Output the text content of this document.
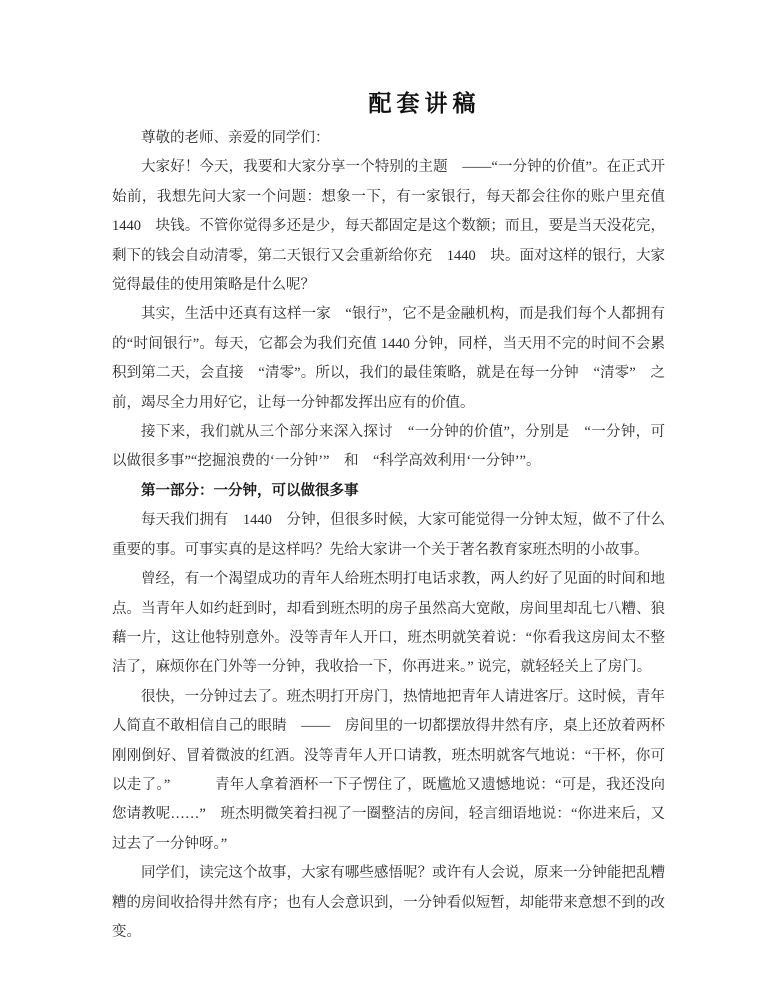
配套讲稿

尊敬的老师、亲爱的同学们：

大家好！今天，我要和大家分享一个特别的主题　——“一分钟的价值”。在正式开始前，我想先问大家一个问题：想象一下，有一家银行，每天都会往你的账户里充值　1440　块钱。不管你觉得多还是少，每天都固定是这个数额；而且，要是当天没花完，剩下的钱会自动清零，第二天银行又会重新给你充　1440　块。面对这样的银行，大家觉得最佳的使用策略是什么呢？

其实，生活中还真有这样一家　“银行”，它不是金融机构，而是我们每个人都拥有的“时间银行”。每天，它都会为我们充值 1440 分钟，同样，当天用不完的时间不会累积到第二天，会直接　“清零”。所以，我们的最佳策略，就是在每一分钟　“清零”　之前，竭尽全力用好它，让每一分钟都发挥出应有的价值。

接下来，我们就从三个部分来深入探讨　“一分钟的价值”，分别是　“一分钟，可以做很多事”“挖掘浪费的‘一分钟’”　和　“科学高效利用‘一分钟’”。

第一部分：一分钟，可以做很多事

每天我们拥有　1440　分钟，但很多时候，大家可能觉得一分钟太短，做不了什么重要的事。可事实真的是这样吗？先给大家讲一个关于著名教育家班杰明的小故事。

曾经，有一个渴望成功的青年人给班杰明打电话求教，两人约好了见面的时间和地点。当青年人如约赶到时，却看到班杰明的房子虽然高大宽敞，房间里却乱七八糟、狼藉一片，这让他特别意外。没等青年人开口，班杰明就笑着说：“你看我这房间太不整洁了，麻烦你在门外等一分钟，我收拾一下，你再进来。” 说完，就轻轻关上了房门。

很快，一分钟过去了。班杰明打开房门，热情地把青年人请进客厅。这时候，青年人简直不敢相信自己的眼睛　——　房间里的一切都摆放得井然有序，桌上还放着两杯刚刚倒好、冒着微波的红酒。没等青年人开口请教，班杰明就客气地说：“干杯，你可以走了。”　　　青年人拿着酒杯一下子愣住了，既尴尬又遗憾地说：“可是，我还没向您请教呢……”　班杰明微笑着扫视了一圈整洁的房间，轻言细语地说：“你进来后，又过去了一分钟呀。”

同学们，读完这个故事，大家有哪些感悟呢？或许有人会说，原来一分钟能把乱糟糟的房间收拾得井然有序；也有人会意识到，一分钟看似短暂，却能带来意想不到的改变。
